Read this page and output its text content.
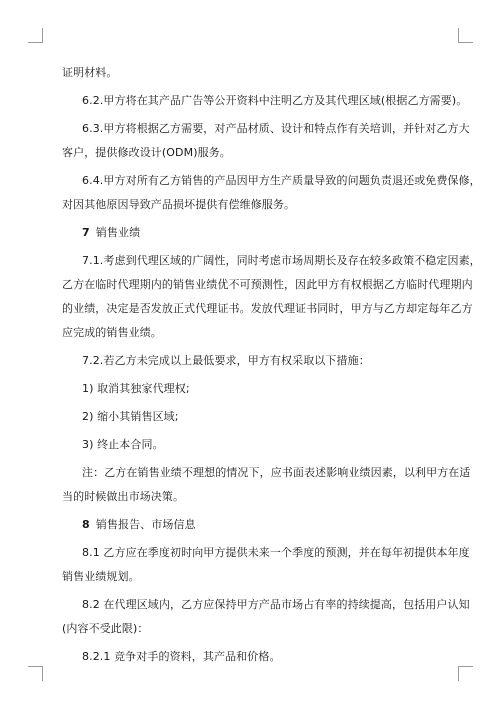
证明材料。
6.2.甲方将在其产品广告等公开资料中注明乙方及其代理区域(根据乙方需要)。
6.3.甲方将根据乙方需要，对产品材质、设计和特点作有关培训，并针对乙方大
客户，提供修改设计(ODM)服务。
6.4.甲方对所有乙方销售的产品因甲方生产质量导致的问题负责退还或免费保修，
对因其他原因导致产品损坏提供有偿维修服务。
7 销售业绩
7.1.考虑到代理区域的广阔性，同时考虑市场周期长及存在较多政策不稳定因素，
乙方在临时代理期内的销售业绩优不可预测性，因此甲方有权根据乙方临时代理期内
的业绩，决定是否发放正式代理证书。发放代理证书同时，甲方与乙方却定每年乙方
应完成的销售业绩。
7.2.若乙方未完成以上最低要求，甲方有权采取以下措施：
1) 取消其独家代理权;
2) 缩小其销售区域;
3) 终止本合同。
注：乙方在销售业绩不理想的情况下，应书面表述影响业绩因素，以利甲方在适
当的时候做出市场决策。
8 销售报告、市场信息
8.1 乙方应在季度初时向甲方提供未来一个季度的预测，并在每年初提供本年度
销售业绩规划。
8.2 在代理区域内，乙方应保持甲方产品市场占有率的持续提高，包括用户认知
(内容不受此限)：
8.2.1 竞争对手的资料，其产品和价格。
